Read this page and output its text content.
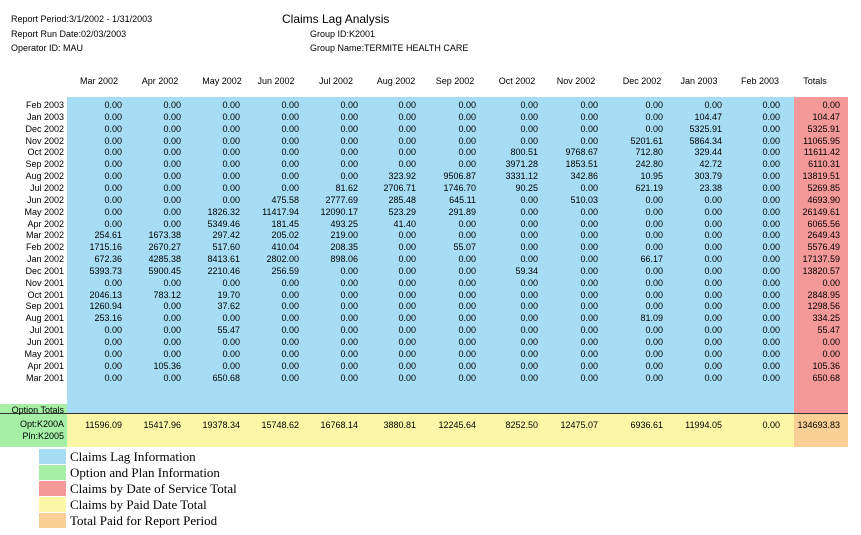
Report Period:3/1/2002 - 1/31/2003
Report Run Date:02/03/2003
Operator ID: MAU
Claims Lag Analysis
Group ID:K2001
Group Name:TERMITE HEALTH CARE
Mar 2002	Apr 2002	May 2002	Jun 2002	Jul 2002	Aug 2002	Sep 2002	Oct 2002	Nov 2002	Dec 2002	Jan 2003	Feb 2003	Totals
Feb 2003	0.00	0.00	0.00	0.00	0.00	0.00	0.00	0.00	0.00	0.00	0.00	0.00	0.00
Jan 2003	0.00	0.00	0.00	0.00	0.00	0.00	0.00	0.00	0.00	0.00	104.47	0.00	104.47
Dec 2002	0.00	0.00	0.00	0.00	0.00	0.00	0.00	0.00	0.00	0.00	5325.91	0.00	5325.91
Nov 2002	0.00	0.00	0.00	0.00	0.00	0.00	0.00	0.00	0.00	5201.61	5864.34	0.00	11065.95
Oct 2002	0.00	0.00	0.00	0.00	0.00	0.00	0.00	800.51	9768.67	712.80	329.44	0.00	11611.42
Sep 2002	0.00	0.00	0.00	0.00	0.00	0.00	0.00	3971.28	1853.51	242.80	42.72	0.00	6110.31
Aug 2002	0.00	0.00	0.00	0.00	0.00	323.92	9506.87	3331.12	342.86	10.95	303.79	0.00	13819.51
Jul 2002	0.00	0.00	0.00	0.00	81.62	2706.71	1746.70	90.25	0.00	621.19	23.38	0.00	5269.85
Jun 2002	0.00	0.00	0.00	475.58	2777.69	285.48	645.11	0.00	510.03	0.00	0.00	0.00	4693.90
May 2002	0.00	0.00	1826.32	11417.94	12090.17	523.29	291.89	0.00	0.00	0.00	0.00	0.00	26149.61
Apr 2002	0.00	0.00	5349.46	181.45	493.25	41.40	0.00	0.00	0.00	0.00	0.00	0.00	6065.56
Mar 2002	254.61	1673.38	297.42	205.02	219.00	0.00	0.00	0.00	0.00	0.00	0.00	0.00	2649.43
Feb 2002	1715.16	2670.27	517.60	410.04	208.35	0.00	55.07	0.00	0.00	0.00	0.00	0.00	5576.49
Jan 2002	672.36	4285.38	8413.61	2802.00	898.06	0.00	0.00	0.00	0.00	66.17	0.00	0.00	17137.59
Dec 2001	5393.73	5900.45	2210.46	256.59	0.00	0.00	0.00	59.34	0.00	0.00	0.00	0.00	13820.57
Nov 2001	0.00	0.00	0.00	0.00	0.00	0.00	0.00	0.00	0.00	0.00	0.00	0.00	0.00
Oct 2001	2046.13	783.12	19.70	0.00	0.00	0.00	0.00	0.00	0.00	0.00	0.00	0.00	2848.95
Sep 2001	1260.94	0.00	37.62	0.00	0.00	0.00	0.00	0.00	0.00	0.00	0.00	0.00	1298.56
Aug 2001	253.16	0.00	0.00	0.00	0.00	0.00	0.00	0.00	0.00	81.09	0.00	0.00	334.25
Jul 2001	0.00	0.00	55.47	0.00	0.00	0.00	0.00	0.00	0.00	0.00	0.00	0.00	55.47
Jun 2001	0.00	0.00	0.00	0.00	0.00	0.00	0.00	0.00	0.00	0.00	0.00	0.00	0.00
May 2001	0.00	0.00	0.00	0.00	0.00	0.00	0.00	0.00	0.00	0.00	0.00	0.00	0.00
Apr 2001	0.00	105.36	0.00	0.00	0.00	0.00	0.00	0.00	0.00	0.00	0.00	0.00	105.36
Mar 2001	0.00	0.00	650.68	0.00	0.00	0.00	0.00	0.00	0.00	0.00	0.00	0.00	650.68
11596.09	15417.96	19378.34	15748.62	16768.14	3880.81	12245.64	8252.50	12475.07	6936.61	11994.05	0.00	134693.83
Option Totals
Opt:K200A
Pln:K2005
Claims Lag Information
Option and Plan Information
Claims by Date of Service Total
Claims by Paid Date Total
Total Paid for Report Period
